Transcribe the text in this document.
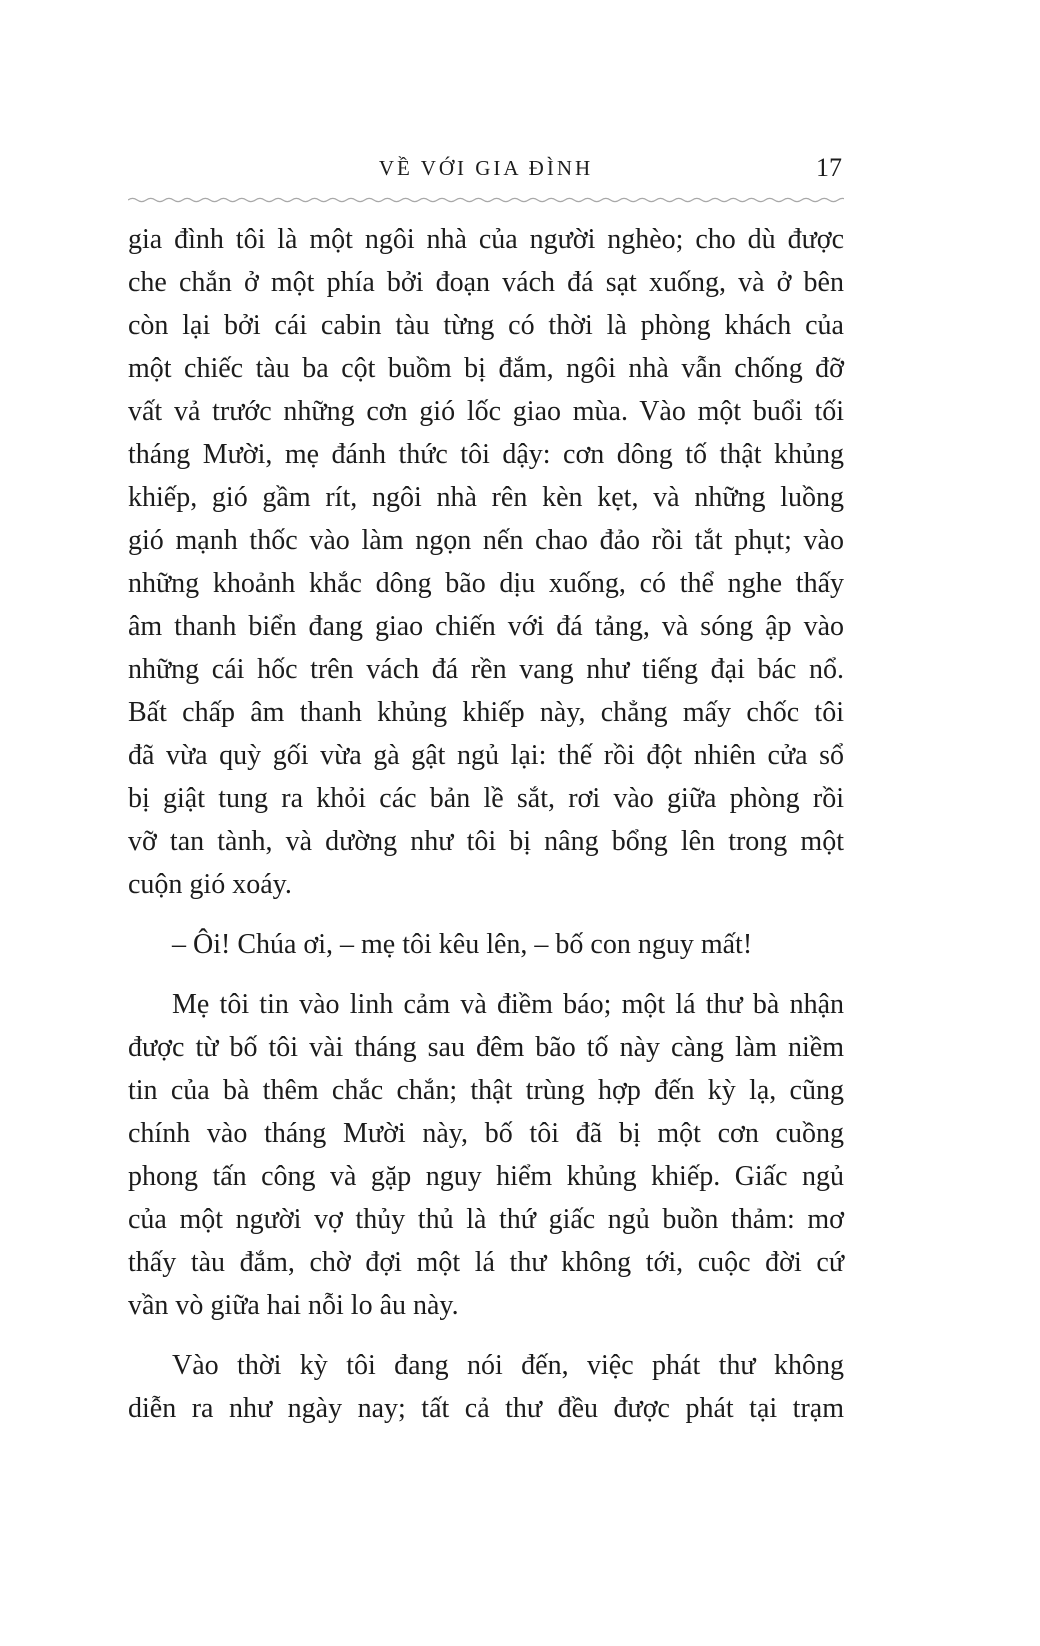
VỀ VỚI GIA ĐÌNH	17
gia đình tôi là một ngôi nhà của người nghèo; cho dù được
che chắn ở một phía bởi đoạn vách đá sạt xuống, và ở bên
còn lại bởi cái cabin tàu từng có thời là phòng khách của
một chiếc tàu ba cột buồm bị đắm, ngôi nhà vẫn chống đỡ
vất vả trước những cơn gió lốc giao mùa. Vào một buổi tối
tháng Mười, mẹ đánh thức tôi dậy: cơn dông tố thật khủng
khiếp, gió gầm rít, ngôi nhà rên kèn kẹt, và những luồng
gió mạnh thốc vào làm ngọn nến chao đảo rồi tắt phụt; vào
những khoảnh khắc dông bão dịu xuống, có thể nghe thấy
âm thanh biển đang giao chiến với đá tảng, và sóng ập vào
những cái hốc trên vách đá rền vang như tiếng đại bác nổ.
Bất chấp âm thanh khủng khiếp này, chẳng mấy chốc tôi
đã vừa quỳ gối vừa gà gật ngủ lại: thế rồi đột nhiên cửa sổ
bị giật tung ra khỏi các bản lề sắt, rơi vào giữa phòng rồi
vỡ tan tành, và dường như tôi bị nâng bổng lên trong một
cuộn gió xoáy.
– Ôi! Chúa ơi, – mẹ tôi kêu lên, – bố con nguy mất!
Mẹ tôi tin vào linh cảm và điềm báo; một lá thư bà nhận
được từ bố tôi vài tháng sau đêm bão tố này càng làm niềm
tin của bà thêm chắc chắn; thật trùng hợp đến kỳ lạ, cũng
chính vào tháng Mười này, bố tôi đã bị một cơn cuồng
phong tấn công và gặp nguy hiểm khủng khiếp. Giấc ngủ
của một người vợ thủy thủ là thứ giấc ngủ buồn thảm: mơ
thấy tàu đắm, chờ đợi một lá thư không tới, cuộc đời cứ
vần vò giữa hai nỗi lo âu này.
Vào thời kỳ tôi đang nói đến, việc phát thư không
diễn ra như ngày nay; tất cả thư đều được phát tại trạm
